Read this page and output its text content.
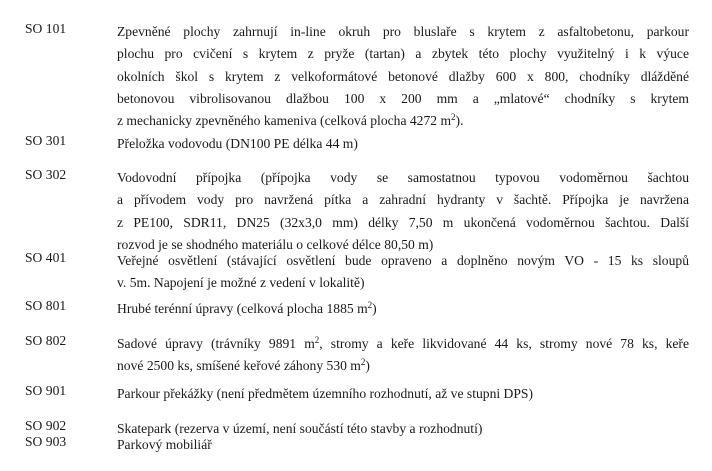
SO 101	Zpevněné plochy zahrnují in-line okruh pro bluslaře s krytem z asfaltobetonu, parkour
plochu pro cvičení s krytem z pryže (tartan) a zbytek této plochy využitelný i k výuce
okolních škol s krytem z velkoformátové betonové dlažby 600 x 800, chodníky dlážděné
betonovou vibrolisovanou dlažbou 100 x 200 mm a „mlatové“ chodníky s krytem
z mechanicky zpevněného kameniva (celková plocha 4272 $m^2$).
SO 301	Přeložka vodovodu (DN100 PE délka 44 m)
SO 302	Vodovodní přípojka (přípojka vody se samostatnou typovou vodoměrnou šachtou
a přívodem vody pro navržená pítka a zahradní hydranty v šachtě. Přípojka je navržena
z PE100, SDR11, DN25 (32x3,0 mm) délky 7,50 m ukončená vodoměrnou šachtou. Další
rozvod je se shodného materiálu o celkové délce 80,50 m)
SO 401	Veřejné osvětlení (stávající osvětlení bude opraveno a doplněno novým VO - 15 ks sloupů
v. 5m. Napojení je možné z vedení v lokalitě)
SO 801	Hrubé terénní úpravy (celková plocha 1885 $m^2$)
SO 802	Sadové úpravy (trávníky 9891 $m^2$, stromy a keře likvidované 44 ks, stromy nové 78 ks, keře
nové 2500 ks, smíšené keřové záhony 530 $m^2$)
SO 901	Parkour překážky (není předmětem územního rozhodnutí, až ve stupni DPS)
SO 902	Skatepark (rezerva v území, není součástí této stavby a rozhodnutí)
SO 903	Parkový mobiliář
